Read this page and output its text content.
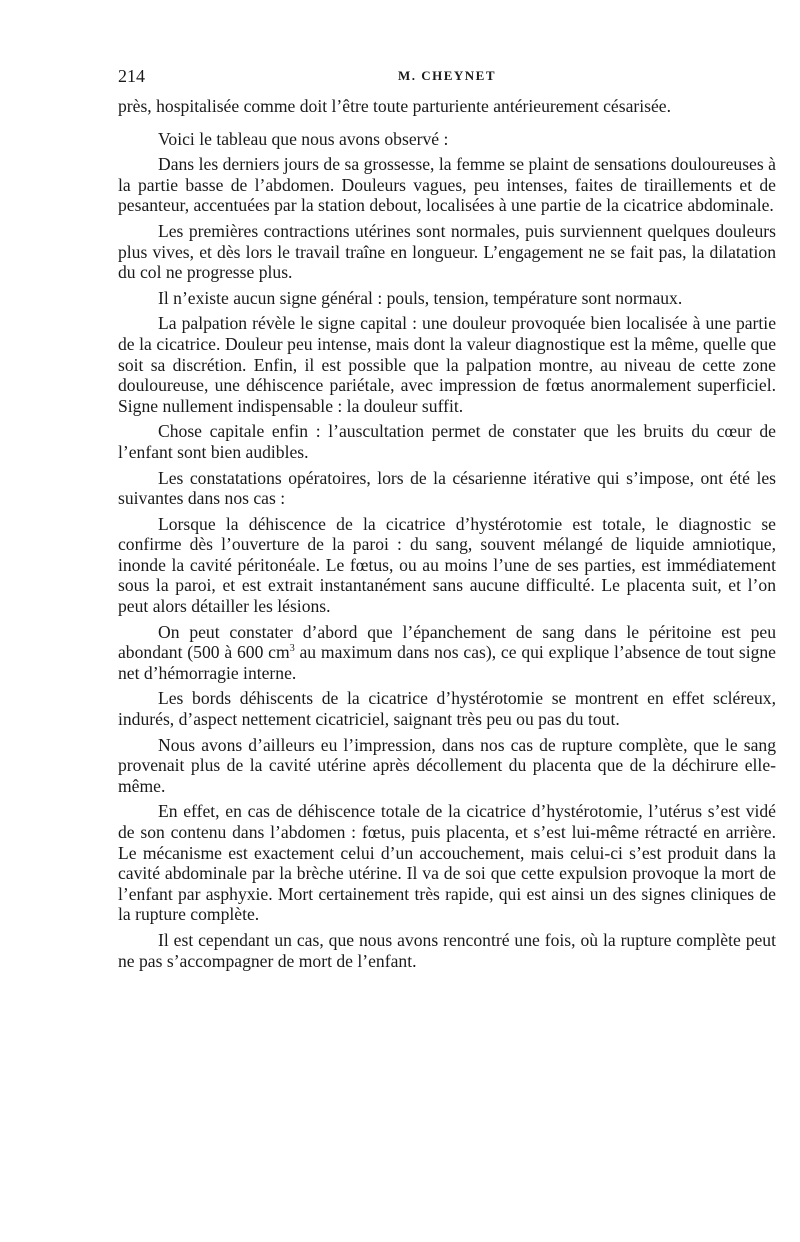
214	M. CHEYNET

près, hospitalisée comme doit l’être toute parturiente antérieurement césarisée.

Voici le tableau que nous avons observé :

Dans les derniers jours de sa grossesse, la femme se plaint de sensations douloureuses à la partie basse de l’abdomen. Douleurs vagues, peu intenses, faites de tiraillements et de pesanteur, accentuées par la station debout, localisées à une partie de la cicatrice abdominale.

Les premières contractions utérines sont normales, puis surviennent quelques douleurs plus vives, et dès lors le travail traîne en longueur. L’engagement ne se fait pas, la dilatation du col ne progresse plus.

Il n’existe aucun signe général : pouls, tension, température sont normaux.

La palpation révèle le signe capital : une douleur provoquée bien localisée à une partie de la cicatrice. Douleur peu intense, mais dont la valeur diagnostique est la même, quelle que soit sa discrétion. Enfin, il est possible que la palpation montre, au niveau de cette zone douloureuse, une déhiscence pariétale, avec impression de fœtus anormalement superficiel. Signe nullement indispensable : la douleur suffit.

Chose capitale enfin : l’auscultation permet de constater que les bruits du cœur de l’enfant sont bien audibles.

Les constatations opératoires, lors de la césarienne itérative qui s’impose, ont été les suivantes dans nos cas :

Lorsque la déhiscence de la cicatrice d’hystérotomie est totale, le diagnostic se confirme dès l’ouverture de la paroi : du sang, souvent mélangé de liquide amniotique, inonde la cavité péritonéale. Le fœtus, ou au moins l’une de ses parties, est immédiatement sous la paroi, et est extrait instantanément sans aucune difficulté. Le placenta suit, et l’on peut alors détailler les lésions.

On peut constater d’abord que l’épanchement de sang dans le péritoine est peu abondant (500 à 600 $cm^3$ au maximum dans nos cas), ce qui explique l’absence de tout signe net d’hémorragie interne.

Les bords déhiscents de la cicatrice d’hystérotomie se montrent en effet scléreux, indurés, d’aspect nettement cicatriciel, saignant très peu ou pas du tout.

Nous avons d’ailleurs eu l’impression, dans nos cas de rupture complète, que le sang provenait plus de la cavité utérine après décollement du placenta que de la déchirure elle-même.

En effet, en cas de déhiscence totale de la cicatrice d’hystérotomie, l’utérus s’est vidé de son contenu dans l’abdomen : fœtus, puis placenta, et s’est lui-même rétracté en arrière. Le mécanisme est exactement celui d’un accouchement, mais celui-ci s’est produit dans la cavité abdominale par la brèche utérine. Il va de soi que cette expulsion provoque la mort de l’enfant par asphyxie. Mort certainement très rapide, qui est ainsi un des signes cliniques de la rupture complète.

Il est cependant un cas, que nous avons rencontré une fois, où la rupture complète peut ne pas s’accompagner de mort de l’enfant.
